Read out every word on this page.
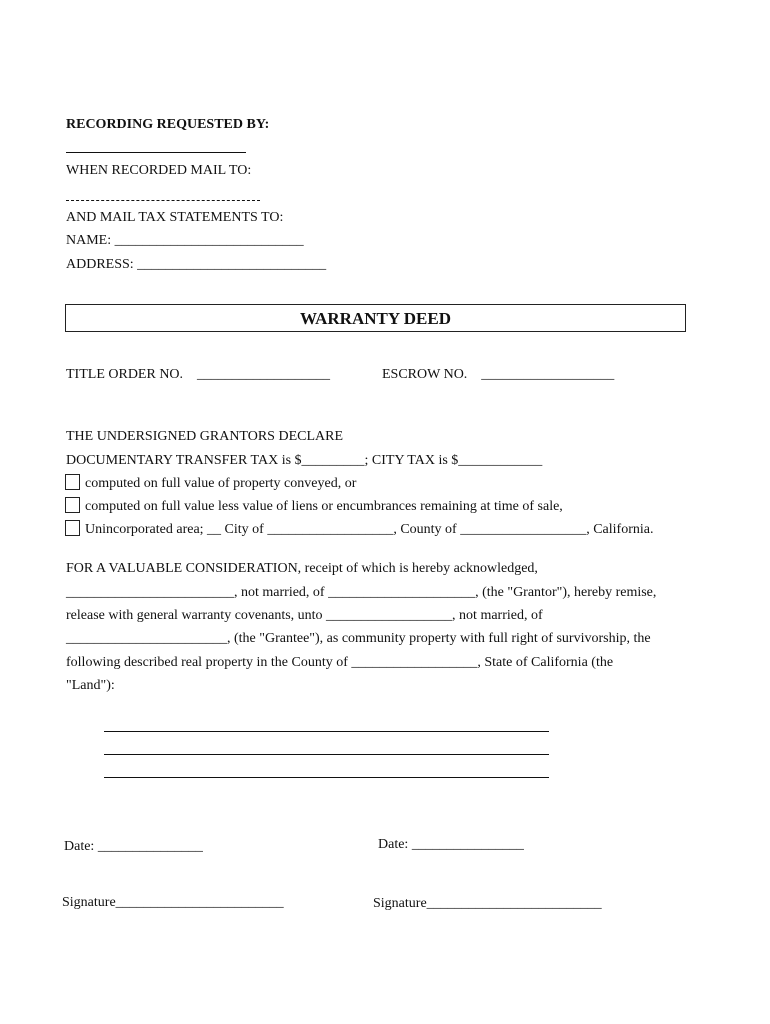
RECORDING REQUESTED BY:
WHEN RECORDED MAIL TO:
AND MAIL TAX STATEMENTS TO:
NAME: ___________________________
ADDRESS: ___________________________
WARRANTY DEED
TITLE ORDER NO.    ___________________	ESCROW NO.    ___________________
THE UNDERSIGNED GRANTORS DECLARE
DOCUMENTARY TRANSFER TAX is $_________; CITY TAX is $____________
computed on full value of property conveyed, or
computed on full value less value of liens or encumbrances remaining at time of sale,
Unincorporated area; __ City of __________________, County of __________________, California.
FOR A VALUABLE CONSIDERATION, receipt of which is hereby acknowledged,
________________________, not married, of _____________________, (the "Grantor"), hereby remise,
release with general warranty covenants, unto __________________, not married, of
_______________________, (the "Grantee"), as community property with full right of survivorship, the
following described real property in the County of __________________, State of California (the
"Land"):
Date: _______________	Date: ________________
Signature________________________	Signature_________________________
